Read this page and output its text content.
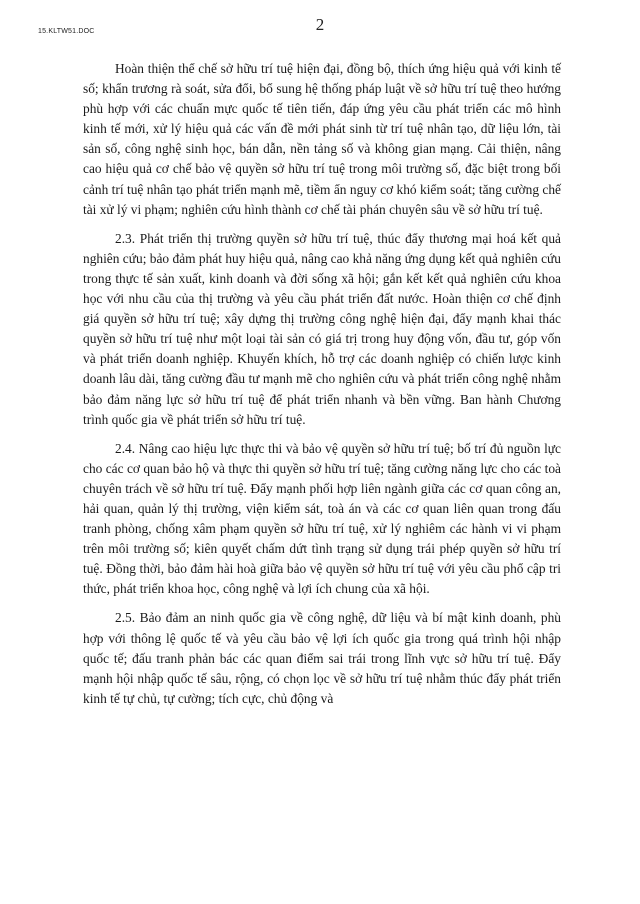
15.KLTW51.DOC	2

Hoàn thiện thể chế sở hữu trí tuệ hiện đại, đồng bộ, thích ứng hiệu quả với kinh tế số; khẩn trương rà soát, sửa đổi, bổ sung hệ thống pháp luật về sở hữu trí tuệ theo hướng phù hợp với các chuẩn mực quốc tế tiên tiến, đáp ứng yêu cầu phát triển các mô hình kinh tế mới, xử lý hiệu quả các vấn đề mới phát sinh từ trí tuệ nhân tạo, dữ liệu lớn, tài sản số, công nghệ sinh học, bán dẫn, nền tảng số và không gian mạng. Cải thiện, nâng cao hiệu quả cơ chế bảo vệ quyền sở hữu trí tuệ trong môi trường số, đặc biệt trong bối cảnh trí tuệ nhân tạo phát triển mạnh mẽ, tiềm ẩn nguy cơ khó kiểm soát; tăng cường chế tài xử lý vi phạm; nghiên cứu hình thành cơ chế tài phán chuyên sâu về sở hữu trí tuệ.

2.3. Phát triển thị trường quyền sở hữu trí tuệ, thúc đẩy thương mại hoá kết quả nghiên cứu; bảo đảm phát huy hiệu quả, nâng cao khả năng ứng dụng kết quả nghiên cứu trong thực tế sản xuất, kinh doanh và đời sống xã hội; gắn kết kết quả nghiên cứu khoa học với nhu cầu của thị trường và yêu cầu phát triển đất nước. Hoàn thiện cơ chế định giá quyền sở hữu trí tuệ; xây dựng thị trường công nghệ hiện đại, đẩy mạnh khai thác quyền sở hữu trí tuệ như một loại tài sản có giá trị trong huy động vốn, đầu tư, góp vốn và phát triển doanh nghiệp. Khuyến khích, hỗ trợ các doanh nghiệp có chiến lược kinh doanh lâu dài, tăng cường đầu tư mạnh mẽ cho nghiên cứu và phát triển công nghệ nhằm bảo đảm năng lực sở hữu trí tuệ để phát triển nhanh và bền vững. Ban hành Chương trình quốc gia về phát triển sở hữu trí tuệ.

2.4. Nâng cao hiệu lực thực thi và bảo vệ quyền sở hữu trí tuệ; bố trí đủ nguồn lực cho các cơ quan bảo hộ và thực thi quyền sở hữu trí tuệ; tăng cường năng lực cho các toà chuyên trách về sở hữu trí tuệ. Đẩy mạnh phối hợp liên ngành giữa các cơ quan công an, hải quan, quản lý thị trường, viện kiểm sát, toà án và các cơ quan liên quan trong đấu tranh phòng, chống xâm phạm quyền sở hữu trí tuệ, xử lý nghiêm các hành vi vi phạm trên môi trường số; kiên quyết chấm dứt tình trạng sử dụng trái phép quyền sở hữu trí tuệ. Đồng thời, bảo đảm hài hoà giữa bảo vệ quyền sở hữu trí tuệ với yêu cầu phổ cập tri thức, phát triển khoa học, công nghệ và lợi ích chung của xã hội.

2.5. Bảo đảm an ninh quốc gia về công nghệ, dữ liệu và bí mật kinh doanh, phù hợp với thông lệ quốc tế và yêu cầu bảo vệ lợi ích quốc gia trong quá trình hội nhập quốc tế; đấu tranh phản bác các quan điểm sai trái trong lĩnh vực sở hữu trí tuệ. Đẩy mạnh hội nhập quốc tế sâu, rộng, có chọn lọc về sở hữu trí tuệ nhằm thúc đẩy phát triển kinh tế tự chủ, tự cường; tích cực, chủ động và
